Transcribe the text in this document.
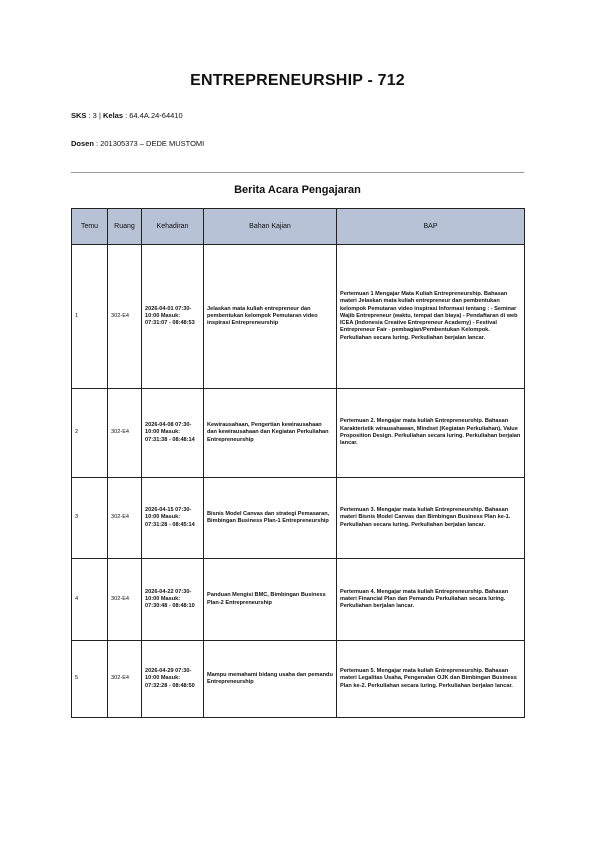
ENTREPRENEURSHIP - 712
SKS : 3 | Kelas : 64.4A.24-64410
Dosen : 201305373 – DEDE MUSTOMI
Berita Acara Pengajaran
Temu	Ruang	Kehadiran	Bahan Kajian	BAP
1	302-E4	2026-04-01 07:30-10:00 Masuk: 07:31:07 - 08:48:53	Jelaskan mata kuliah entrepreneur dan pembentukan kelompok Pemutaran video inspirasi Entrepreneurship	Pertemuan 1 Mengajar Mata Kuliah Entrepreneurship. Bahasan materi Jelaskan mata kuliah entrepreneur dan pembentukan kelompok Pemutaran video inspirasi Informasi tentang : - Seminar Wajib Entrepreneur (waktu, tempat dan biaya) - Pendaftaran di web ICEA (Indonesia Creative Entrepreneur Academy) - Festival Entrepreneur Fair - pembagian/Pembentukan Kelompok. Perkuliahan secara luring. Perkuliahan berjalan lancar.
2	302-E4	2026-04-08 07:30-10:00 Masuk: 07:31:38 - 08:48:14	Kewirausahaan, Pengertian kewirausahaan dan kewirausahaan dan Kegiatan Perkuliahan Entrepreneurship	Pertemuan 2. Mengajar mata kuliah Entrepreneurship. Bahasan Karakteristik wirausahawan, Mindset (Kegiatan Perkuliahan), Value Proposition Design. Perkuliahan secara luring. Perkuliahan berjalan lancar.
3	302-E4	2026-04-15 07:30-10:00 Masuk: 07:31:28 - 08:45:14	Bisnis Model Canvas dan strategi Pemasaran, Bimbingan Business Plan-1 Entrepreneurship	Pertemuan 3. Mengajar mata kuliah Entrepreneurship. Bahasan materi Bisnis Model Canvas dan Bimbingan Business Plan ke-1. Perkuliahan secara luring. Perkuliahan berjalan lancar.
4	302-E4	2026-04-22 07:30-10:00 Masuk: 07:30:48 - 08:48:10	Panduan Mengisi BMC, Bimbingan Business Plan-2 Entrepreneurship	Pertemuan 4. Mengajar mata kuliah Entrepreneurship. Bahasan materi Financial Plan dan Pemandu Perkuliahan secara luring. Perkuliahan berjalan lancar.
5	302-E4	2026-04-29 07:30-10:00 Masuk: 07:32:28 - 08:48:50	Mampu memahami bidang usaha dan pemandu Entrepreneurship	Pertemuan 5. Mengajar mata kuliah Entrepreneurship. Bahasan materi Legalitas Usaha, Pengenalan OJK dan Bimbingan Business Plan ke-2. Perkuliahan secara luring. Perkuliahan berjalan lancar.
